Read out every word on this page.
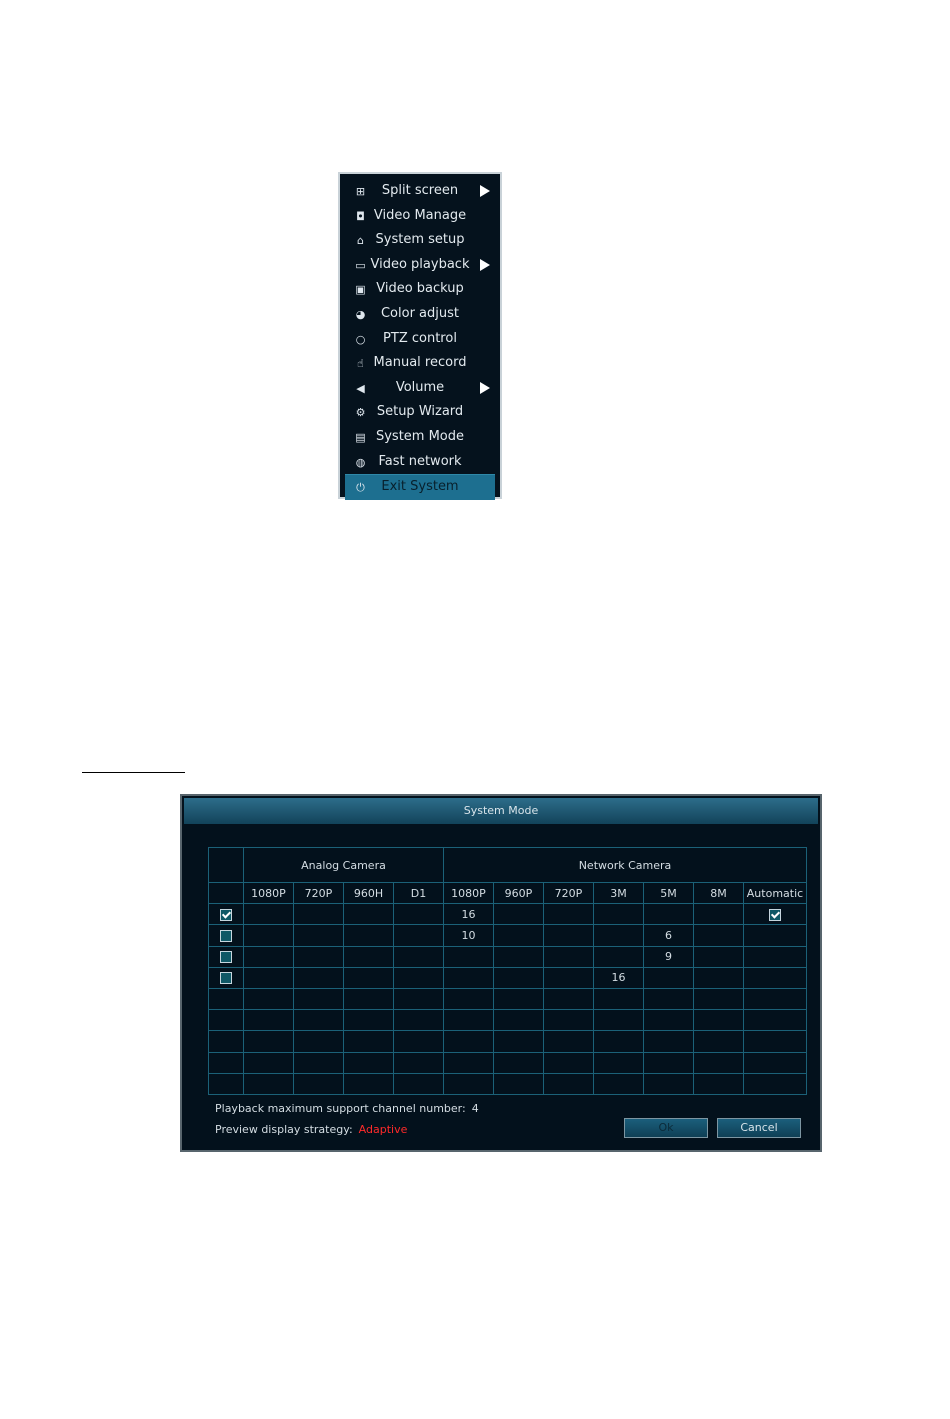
⊞	Split screen
◘ Video Manage
⌂ System setup
▭ Video playback
▣ Video backup
◕	Color adjust
○	PTZ control
☝ Manual record
◀	Volume
⚙ Setup Wizard
▤ System Mode
◍	Fast network
⏻	Exit System
System Mode
	Analog Camera				Network Camera						
	1080P	720P	960H	D1	1080P	960P	720P	3M	5M	8M	Automatic
					16						
					10				6		
									9		
								16			

Playback maximum support channel number: 4
Preview display strategy: Adaptive	Ok	Cancel
